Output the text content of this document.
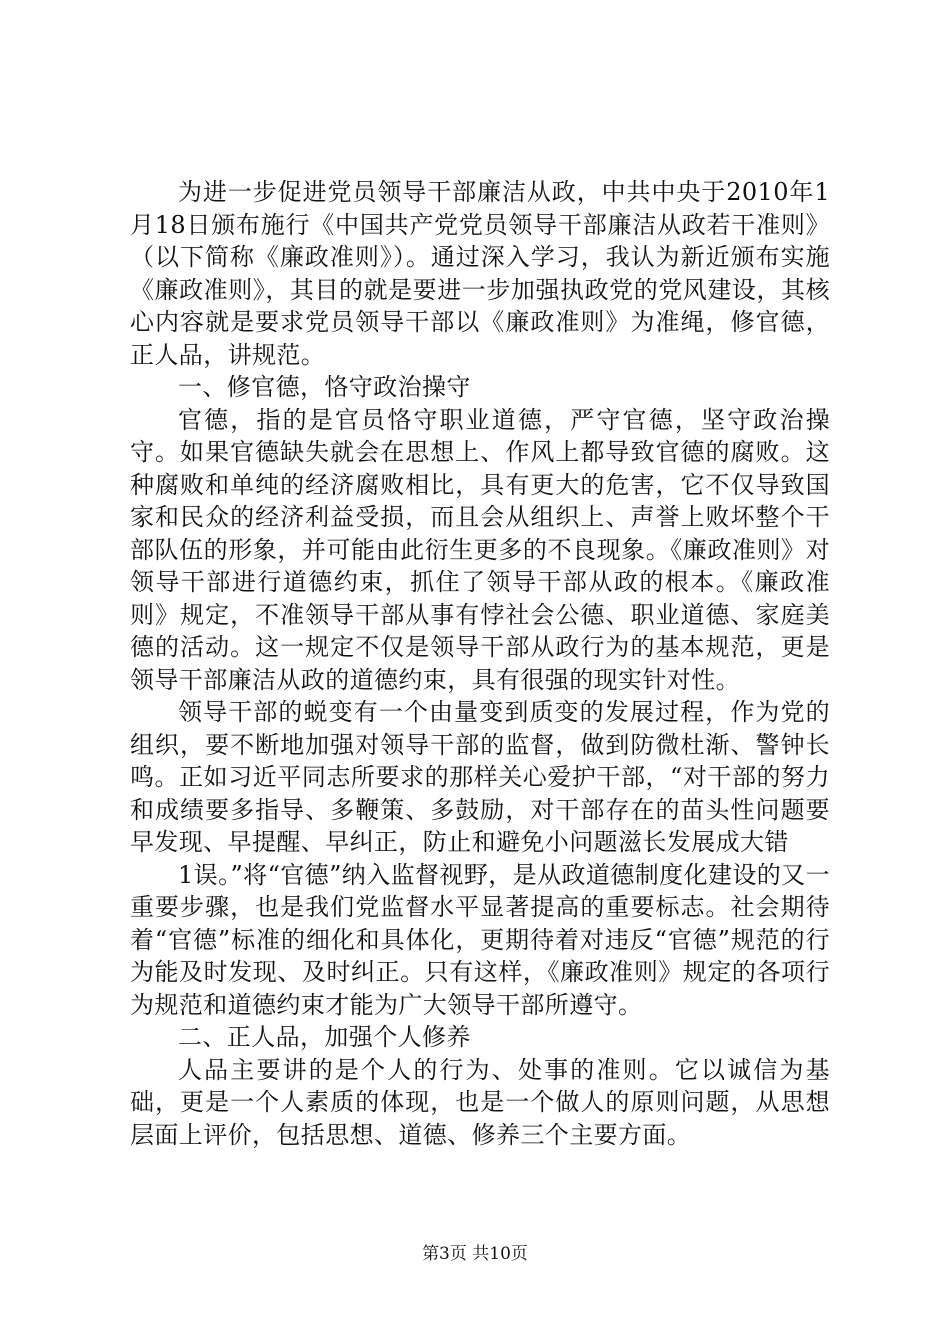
为进一步促进党员领导干部廉洁从政，中共中央于2010年1月18日颁布施行《中国共产党党员领导干部廉洁从政若干准则》（以下简称《廉政准则》）。通过深入学习，我认为新近颁布实施《廉政准则》，其目的就是要进一步加强执政党的党风建设，其核心内容就是要求党员领导干部以《廉政准则》为准绳，修官德，正人品，讲规范。

一、修官德，恪守政治操守

官德，指的是官员恪守职业道德，严守官德，坚守政治操守。如果官德缺失就会在思想上、作风上都导致官德的腐败。这种腐败和单纯的经济腐败相比，具有更大的危害，它不仅导致国家和民众的经济利益受损，而且会从组织上、声誉上败坏整个干部队伍的形象，并可能由此衍生更多的不良现象。《廉政准则》对领导干部进行道德约束，抓住了领导干部从政的根本。《廉政准则》规定，不准领导干部从事有悖社会公德、职业道德、家庭美德的活动。这一规定不仅是领导干部从政行为的基本规范，更是领导干部廉洁从政的道德约束，具有很强的现实针对性。

领导干部的蜕变有一个由量变到质变的发展过程，作为党的组织，要不断地加强对领导干部的监督，做到防微杜渐、警钟长鸣。正如习近平同志所要求的那样关心爱护干部，“对干部的努力和成绩要多指导、多鞭策、多鼓励，对干部存在的苗头性问题要早发现、早提醒、早纠正，防止和避免小问题滋长发展成大错

1误。”将“官德”纳入监督视野，是从政道德制度化建设的又一重要步骤，也是我们党监督水平显著提高的重要标志。社会期待着“官德”标准的细化和具体化，更期待着对违反“官德”规范的行为能及时发现、及时纠正。只有这样，《廉政准则》规定的各项行为规范和道德约束才能为广大领导干部所遵守。

二、正人品，加强个人修养

人品主要讲的是个人的行为、处事的准则。它以诚信为基础，更是一个人素质的体现，也是一个做人的原则问题，从思想层面上评价，包括思想、道德、修养三个主要方面。

第3页 共10页
